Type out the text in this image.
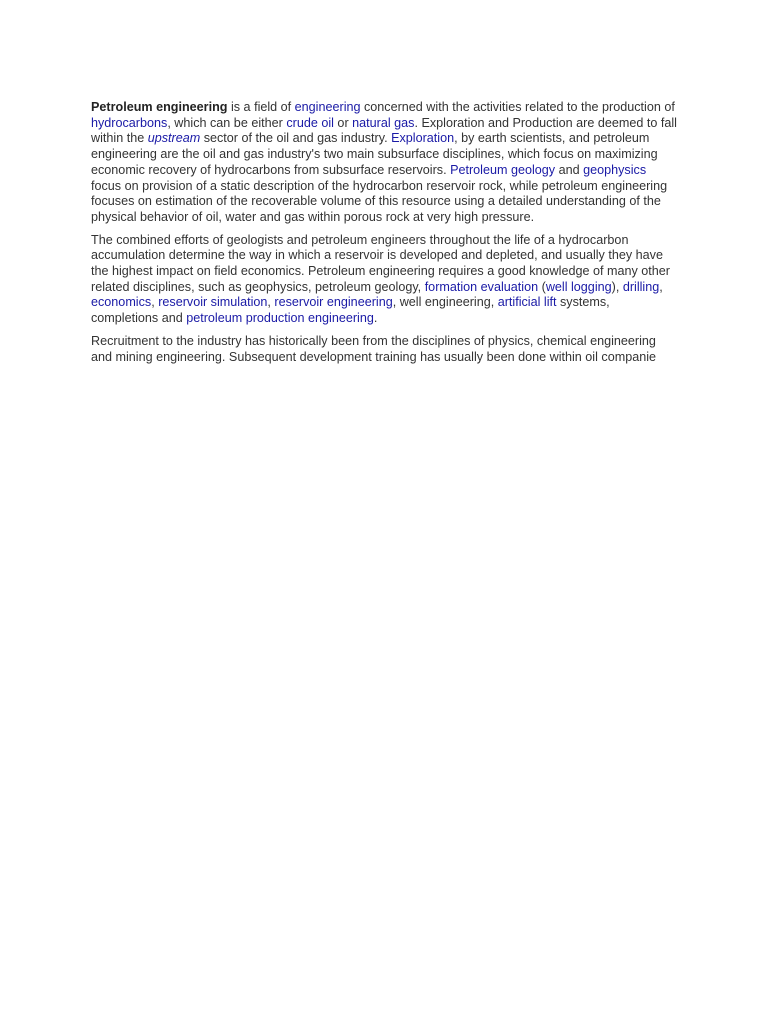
Petroleum engineering is a field of engineering concerned with the activities related to the production of hydrocarbons, which can be either crude oil or natural gas. Exploration and Production are deemed to fall within the upstream sector of the oil and gas industry. Exploration, by earth scientists, and petroleum engineering are the oil and gas industry's two main subsurface disciplines, which focus on maximizing economic recovery of hydrocarbons from subsurface reservoirs. Petroleum geology and geophysics focus on provision of a static description of the hydrocarbon reservoir rock, while petroleum engineering focuses on estimation of the recoverable volume of this resource using a detailed understanding of the physical behavior of oil, water and gas within porous rock at very high pressure.

The combined efforts of geologists and petroleum engineers throughout the life of a hydrocarbon accumulation determine the way in which a reservoir is developed and depleted, and usually they have the highest impact on field economics. Petroleum engineering requires a good knowledge of many other related disciplines, such as geophysics, petroleum geology, formation evaluation (well logging), drilling, economics, reservoir simulation, reservoir engineering, well engineering, artificial lift systems, completions and petroleum production engineering.

Recruitment to the industry has historically been from the disciplines of physics, chemical engineering and mining engineering. Subsequent development training has usually been done within oil companie
